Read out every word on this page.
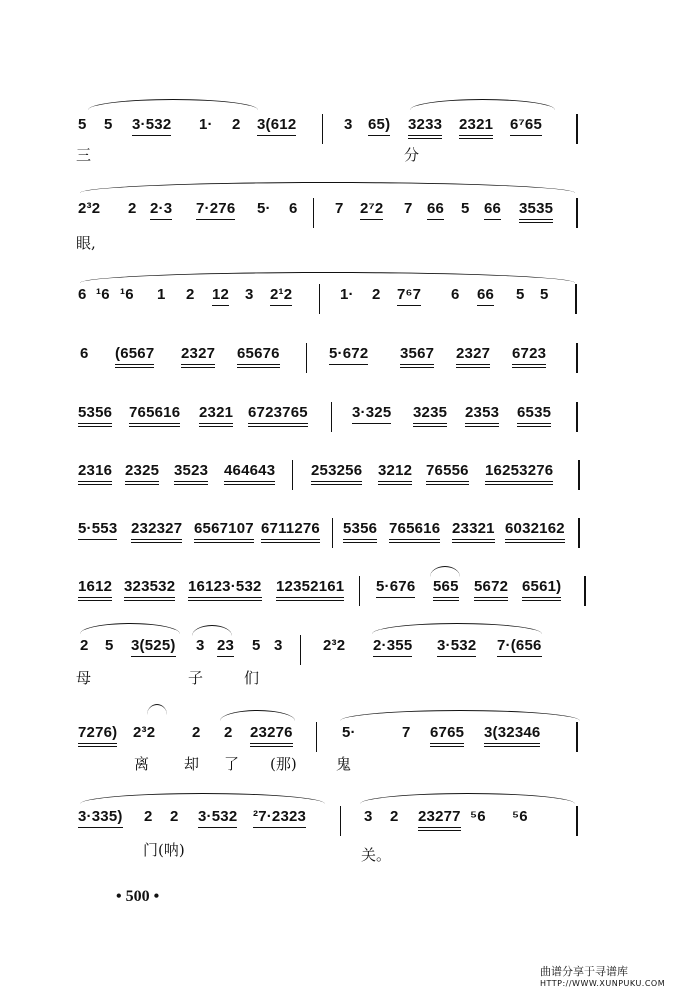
5 5 3·532 1· 2 3(612	3 65) 3233 2321 6⁷65
三	分
2³2 2 2·3 7·276 5· 6 7 2⁷2 7 66 5 66 3535
眼,
6 ¹6 ¹6 1 2 12 3 2¹2	1· 2 7⁶7 6 66 5 5
6 (6567 2327 65676	5·672 3567 2327 6723
5356 765616 2321 6723765	3·325 3235 2353 6535
2316 2325 3523 464643 253256 3212 76556 16253276
5·553 232327 6567107 6711276 5356 765616 23321 6032162
1612 323532 16123·532 12352161 5·676 565 5672 6561)
2 5 3(525) 3 23 5 3	2³2 2·355 3·532 7·(656
母	子	们
7276) 2³2 2 2 23276	5·	7 6765 3(32346
离 却 了 (那)	鬼
3·335) 2 2 3·532 ²7·2323	3 2 23277 ⁵6 ⁵6
门(呐)	关。
• 500 •
曲谱分享于寻谱库
HTTP://WWW.XUNPUKU.COM
